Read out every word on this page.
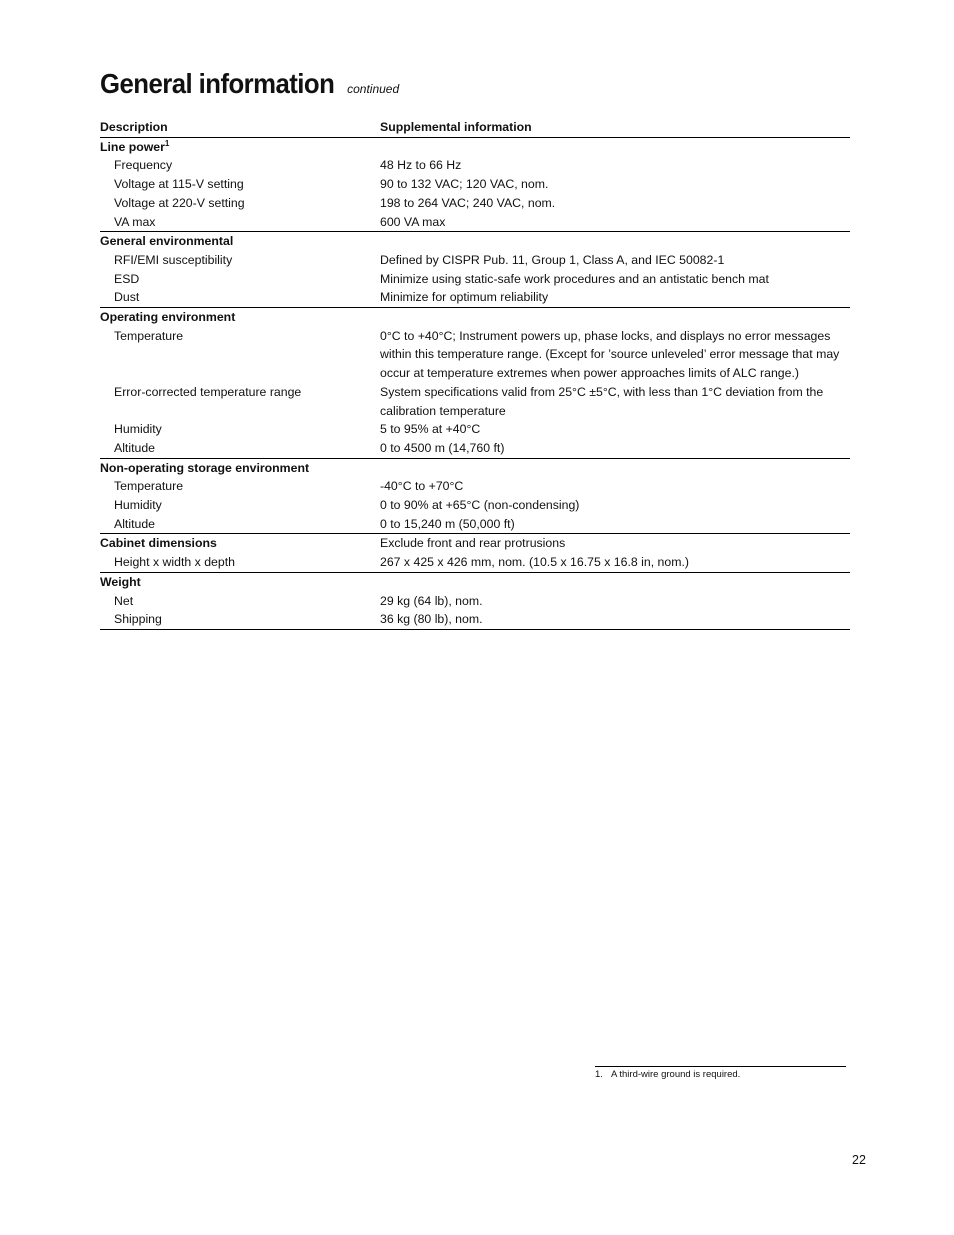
General information continued
Description	Supplemental information
Line power$^1$	
Frequency	48 Hz to 66 Hz
Voltage at 115-V setting	90 to 132 VAC; 120 VAC, nom.
Voltage at 220-V setting	198 to 264 VAC; 240 VAC, nom.
VA max	600 VA max
General environmental	
RFI/EMI susceptibility	Defined by CISPR Pub. 11, Group 1, Class A, and IEC 50082-1
ESD	Minimize using static-safe work procedures and an antistatic bench mat
Dust	Minimize for optimum reliability
Operating environment	
Temperature	0°C to +40°C; Instrument powers up, phase locks, and displays no error messages within this temperature range. (Except for ’source unleveled’ error message that may occur at temperature extremes when power approaches limits of ALC range.)
Error-corrected temperature range	System specifications valid from 25°C ±5°C, with less than 1°C deviation from the calibration temperature
Humidity	5 to 95% at +40°C
Altitude	0 to 4500 m (14,760 ft)
Non-operating storage environment	
Temperature	-40°C to +70°C
Humidity	0 to 90% at +65°C (non-condensing)
Altitude	0 to 15,240 m (50,000 ft)
Cabinet dimensions	Exclude front and rear protrusions
Height x width x depth	267 x 425 x 426 mm, nom. (10.5 x 16.75 x 16.8 in, nom.)
Weight	
Net	29 kg (64 lb), nom.
Shipping	36 kg (80 lb), nom.
1. A third-wire ground is required.
22
